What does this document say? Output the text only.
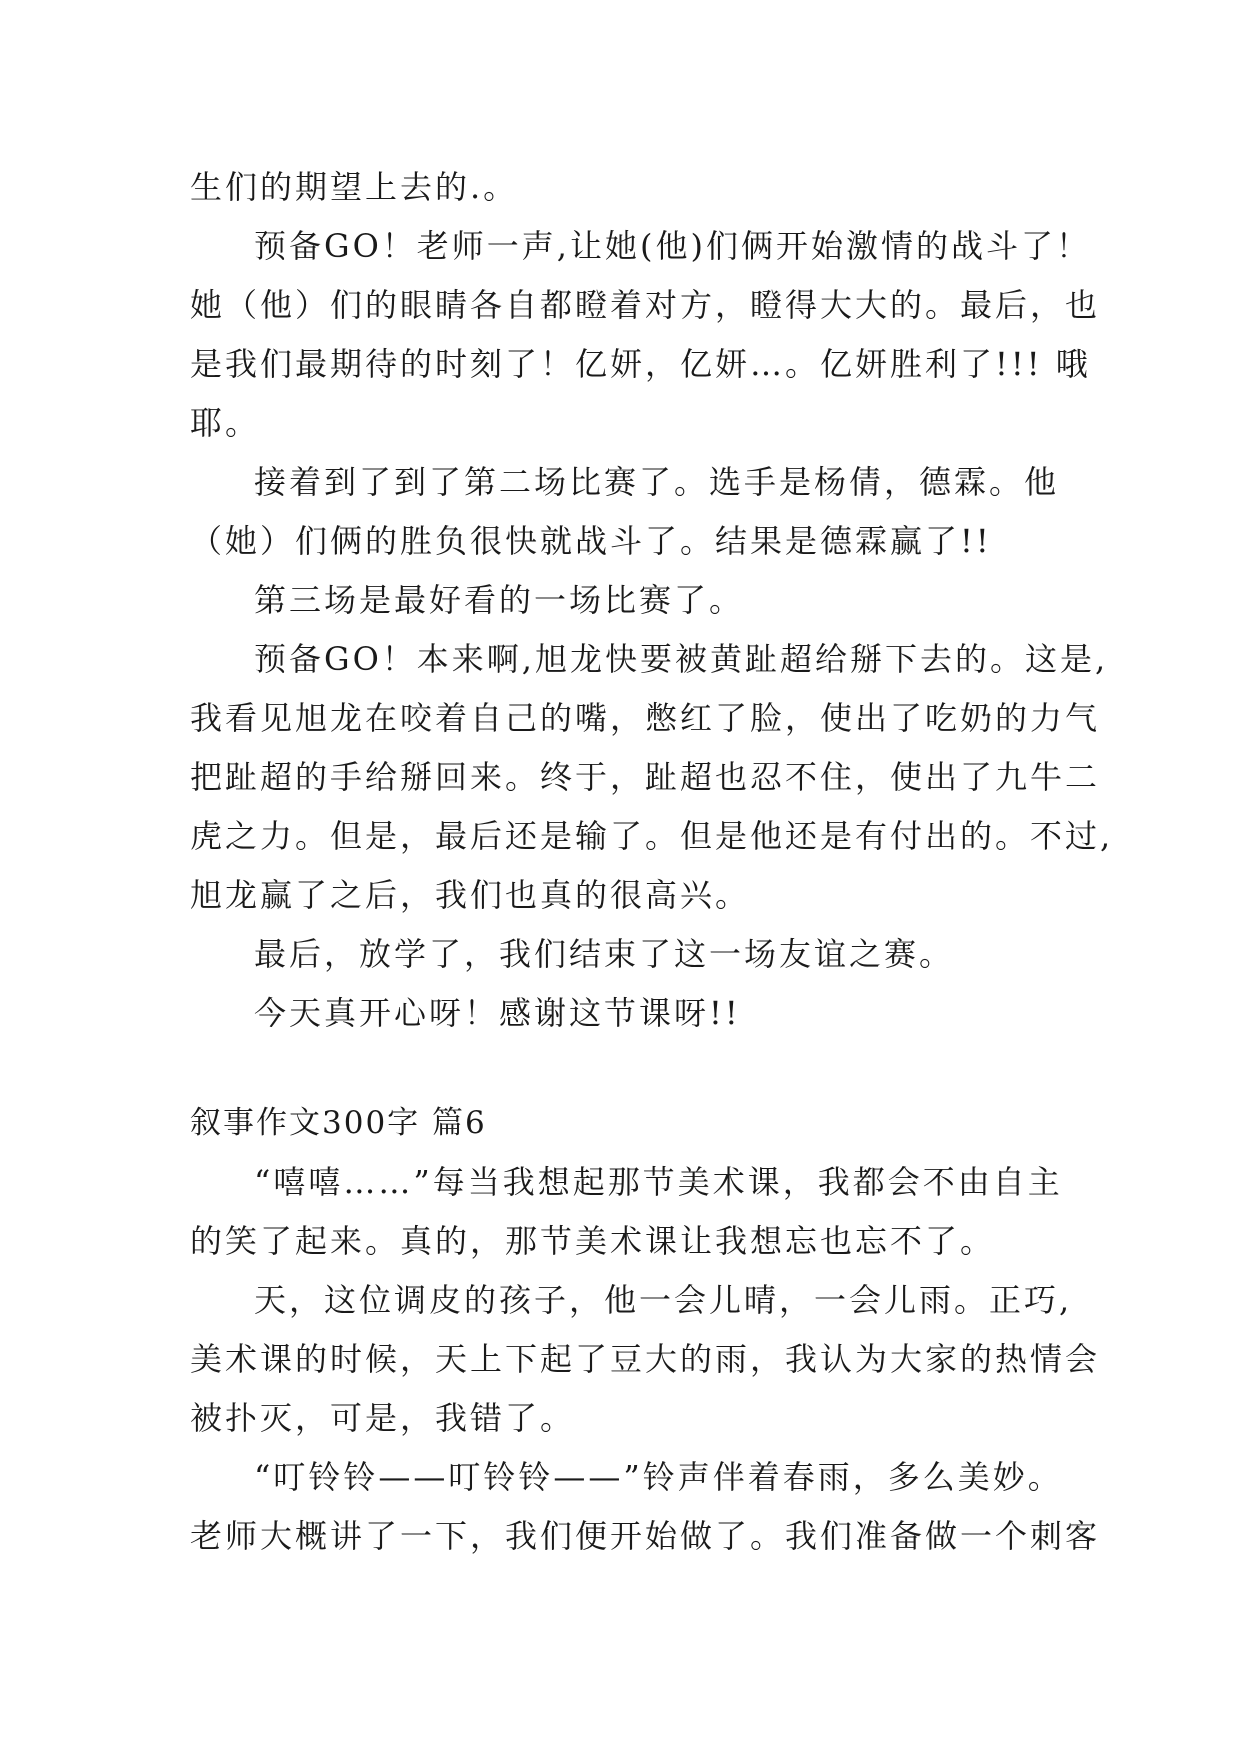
生们的期望上去的.。
预备GO！老师一声,让她(他)们俩开始激情的战斗了！
她（他）们的眼睛各自都瞪着对方，瞪得大大的。最后，也
是我们最期待的时刻了！亿妍，亿妍…。亿妍胜利了!!! 哦
耶。
接着到了到了第二场比赛了。选手是杨倩，德霖。他
（她）们俩的胜负很快就战斗了。结果是德霖赢了!!
第三场是最好看的一场比赛了。
预备GO！本来啊,旭龙快要被黄趾超给掰下去的。这是,
我看见旭龙在咬着自己的嘴，憋红了脸，使出了吃奶的力气
把趾超的手给掰回来。终于，趾超也忍不住，使出了九牛二
虎之力。但是，最后还是输了。但是他还是有付出的。不过,
旭龙赢了之后，我们也真的很高兴。
最后，放学了，我们结束了这一场友谊之赛。
今天真开心呀！感谢这节课呀!!
叙事作文300字 篇6
“嘻嘻……”每当我想起那节美术课，我都会不由自主
的笑了起来。真的，那节美术课让我想忘也忘不了。
天，这位调皮的孩子，他一会儿晴，一会儿雨。正巧,
美术课的时候，天上下起了豆大的雨，我认为大家的热情会
被扑灭，可是，我错了。
“叮铃铃——叮铃铃——”铃声伴着春雨，多么美妙。
老师大概讲了一下，我们便开始做了。我们准备做一个刺客
